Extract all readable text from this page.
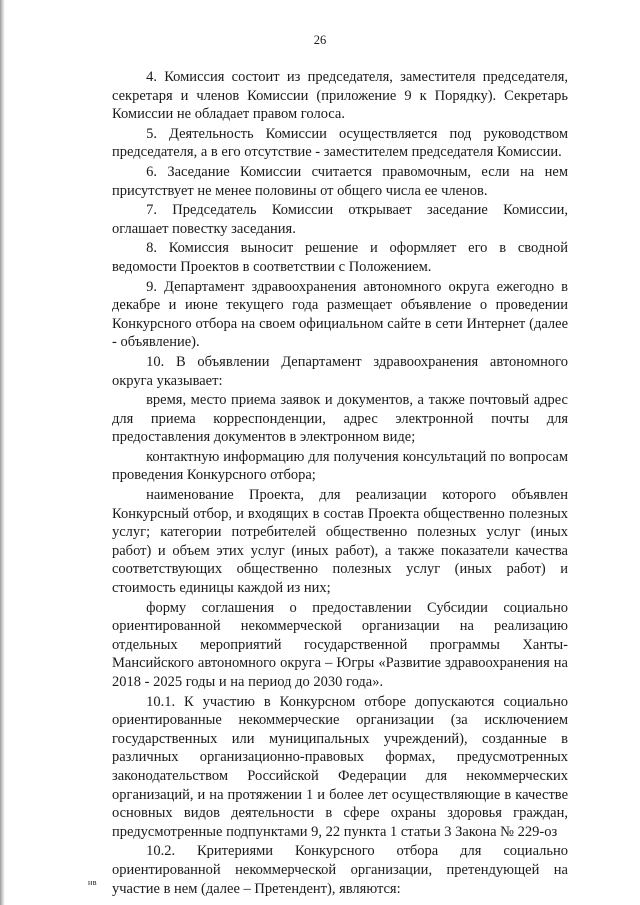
26

4. Комиссия состоит из председателя, заместителя председателя, секретаря и членов Комиссии (приложение 9 к Порядку). Секретарь Комиссии не обладает правом голоса.

5. Деятельность Комиссии осуществляется под руководством председателя, а в его отсутствие - заместителем председателя Комиссии.

6. Заседание Комиссии считается правомочным, если на нем присутствует не менее половины от общего числа ее членов.

7. Председатель Комиссии открывает заседание Комиссии, оглашает повестку заседания.

8. Комиссия выносит решение и оформляет его в сводной ведомости Проектов в соответствии с Положением.

9. Департамент здравоохранения автономного округа ежегодно в декабре и июне текущего года размещает объявление о проведении Конкурсного отбора на своем официальном сайте в сети Интернет (далее - объявление).

10. В объявлении Департамент здравоохранения автономного округа указывает:

время, место приема заявок и документов, а также почтовый адрес для приема корреспонденции, адрес электронной почты для предоставления документов в электронном виде;

контактную информацию для получения консультаций по вопросам проведения Конкурсного отбора;

наименование Проекта, для реализации которого объявлен Конкурсный отбор, и входящих в состав Проекта общественно полезных услуг; категории потребителей общественно полезных услуг (иных работ) и объем этих услуг (иных работ), а также показатели качества соответствующих общественно полезных услуг (иных работ) и стоимость единицы каждой из них;

форму соглашения о предоставлении Субсидии социально ориентированной некоммерческой организации на реализацию отдельных мероприятий государственной программы Ханты-Мансийского автономного округа – Югры «Развитие здравоохранения на 2018 - 2025 годы и на период до 2030 года».

10.1. К участию в Конкурсном отборе допускаются социально ориентированные некоммерческие организации (за исключением государственных или муниципальных учреждений), созданные в различных организационно-правовых формах, предусмотренных законодательством Российской Федерации для некоммерческих организаций, и на протяжении 1 и более лет осуществляющие в качестве основных видов деятельности в сфере охраны здоровья граждан, предусмотренные подпунктами 9, 22 пункта 1 статьи 3 Закона № 229-оз

10.2. Критериями Конкурсного отбора для социально ориентированной некоммерческой организации, претендующей на участие в нем (далее – Претендент), являются:

нв
